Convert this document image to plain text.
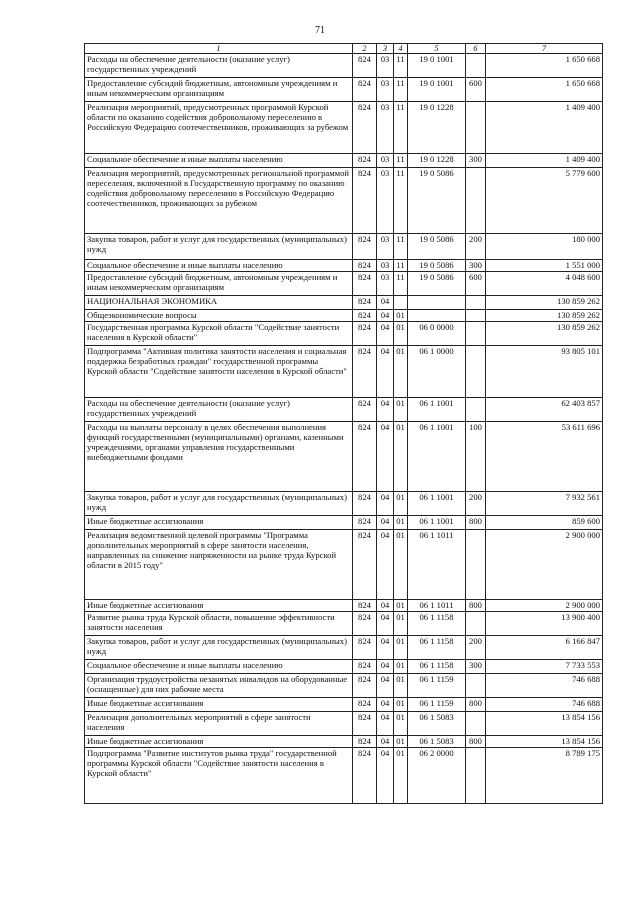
71
1	2	3	4	5	6	7
Расходы на обеспечение деятельности (оказание услуг) государственных учреждений	824	03	11	19 0 1001		1 650 668
Предоставление субсидий бюджетным, автономным учреждениям и иным некоммерческим организациям	824	03	11	19 0 1001	600	1 650 668
Реализация мероприятий, предусмотренных программой Курской области по оказанию содействия добровольному переселению в Российскую Федерацию соотечественников, проживающих за рубежом	824	03	11	19 0 1228		1 409 400
Социальное обеспечение и иные выплаты населению	824	03	11	19 0 1228	300	1 409 400
Реализация мероприятий, предусмотренных региональной программой переселения, включенной в Государственную программу по оказанию содействия добровольному переселению в Российскую Федерацию соотечественников, проживающих за рубежом	824	03	11	19 0 5086		5 779 600
Закупка товаров, работ и услуг для государственных (муниципальных) нужд	824	03	11	19 0 5086	200	180 000
Социальное обеспечение и иные выплаты населению	824	03	11	19 0 5086	300	1 551 000
Предоставление субсидий бюджетным, автономным учреждениям и иным некоммерческим организациям	824	03	11	19 0 5086	600	4 048 600
НАЦИОНАЛЬНАЯ ЭКОНОМИКА	824	04				130 859 262
Общеэкономические вопросы	824	04	01			130 859 262
Государственная программа Курской области "Содействие занятости населения в Курской области"	824	04	01	06 0 0000		130 859 262
Подпрограмма "Активная политика занятости населения и социальная поддержка безработных граждан" государственной программы Курской области "Содействие занятости населения в Курской области"	824	04	01	06 1 0000		93 805 101
Расходы на обеспечение деятельности (оказание услуг) государственных учреждений	824	04	01	06 1 1001		62 403 857
Расходы на выплаты персоналу в целях обеспечения выполнения функций государственными (муниципальными) органами, казенными учреждениями, органами управления государственными внебюджетными фондами	824	04	01	06 1 1001	100	53 611 696
Закупка товаров, работ и услуг для государственных (муниципальных) нужд	824	04	01	06 1 1001	200	7 932 561
Иные бюджетные ассигнования	824	04	01	06 1 1001	800	859 600
Реализация ведомственной целевой программы "Программа дополнительных мероприятий в сфере занятости населения, направленных на снижение напряженности на рынке труда Курской области в 2015 году"	824	04	01	06 1 1011		2 900 000
Иные бюджетные ассигнования	824	04	01	06 1 1011	800	2 900 000
Развитие рынка труда Курской области, повышение эффективности занятости населения	824	04	01	06 1 1158		13 900 400
Закупка товаров, работ и услуг для государственных (муниципальных) нужд	824	04	01	06 1 1158	200	6 166 847
Социальное обеспечение и иные выплаты населению	824	04	01	06 1 1158	300	7 733 553
Организация трудоустройства незанятых инвалидов на оборудованные (оснащенные) для них рабочие места	824	04	01	06 1 1159		746 688
Иные бюджетные ассигнования	824	04	01	06 1 1159	800	746 688
Реализация дополнительных мероприятий в сфере занятости населения	824	04	01	06 1 5083		13 854 156
Иные бюджетные ассигнования	824	04	01	06 1 5083	800	13 854 156
Подпрограмма "Развитие институтов рынка труда" государственной программы Курской области "Содействие занятости населения в Курской области"	824	04	01	06 2 0000		8 789 175
